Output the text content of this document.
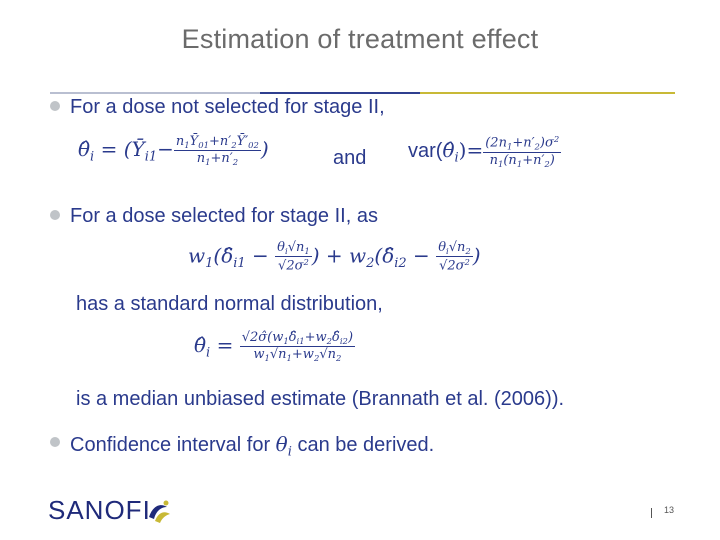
Estimation of treatment effect
For a dose not selected for stage II,
$\thetâ_i$ = ($Ȳ_{i1}- \frac{n_1Ȳ_{01}+n'_2Ȳ'_{02}}{n_1+n'_2}$ )	and $var(\thetâ_i)= \frac{(2n_1+n'_2)\sigma^2}{n_1(n_1+n'_2)}$
For a dose selected for stage II, as
$w_1(\deltâ_{i1} - \frac{\theta_i√n_1}{√2\sigma^2}$ ) + $w_2(\deltâ_{i2} - \frac{\theta_i√n_2}{√2\sigma^2}$ )
has a standard normal distribution,
$\thetâ_i = \frac{√2\sigmâ(w_1\deltâ_{i1}+w_2\deltâ_{i2})}{w_1√n_1+w_2√n_2}$
is a median unbiased estimate (Brannath et al. (2006)).
Confidence interval for $\theta_i$ can be derived.
SANOFI	13
